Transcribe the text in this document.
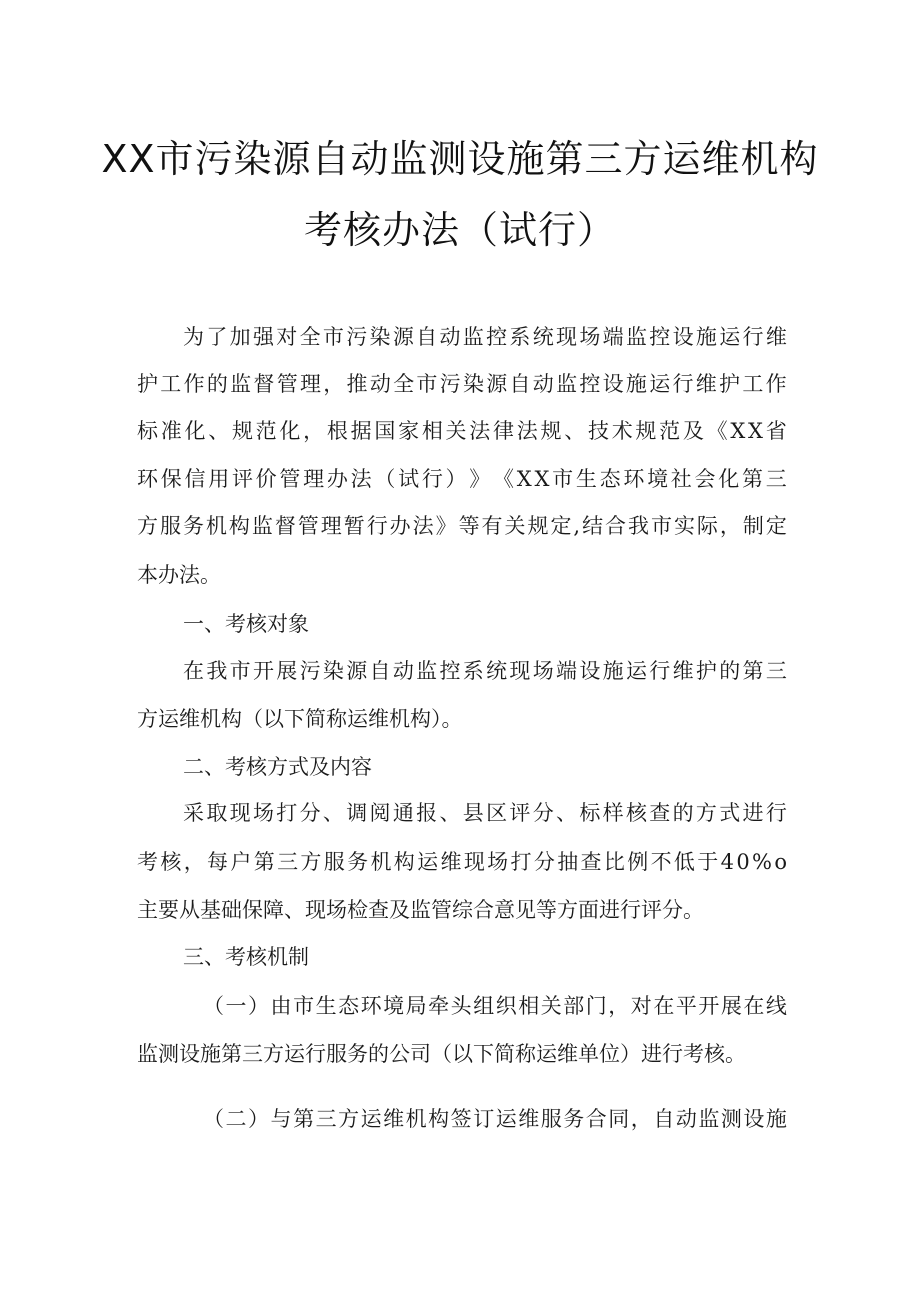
XX市污染源自动监测设施第三方运维机构
考核办法（试行）
为 了 加 强 对 全 市 污 染 源 自 动 监 控 系 统 现 场 端 监 控 设 施 运 行 维
护 工 作 的 监 督 管 理 ， 推 动 全 市 污 染 源 自 动 监 控 设 施 运 行 维 护 工 作
标 准 化 、 规 范 化 ， 根 据 国 家 相 关 法 律 法 规 、 技 术 规 范 及 《 X X 省
环 保 信 用 评 价 管 理 办 法 （ 试 行 ） 》 《 X X 市 生 态 环 境 社 会 化 第 三
方 服 务 机 构 监 督 管 理 暂 行 办 法 》 等 有 关 规 定 , 结 合 我 市 实 际 ， 制 定
本办法。
一、考核对象
在 我 市 开 展 污 染 源 自 动 监 控 系 统 现 场 端 设 施 运 行 维 护 的 第 三
方运维机构（以下简称运维机构）。
二、考核方式及内容
采 取 现 场 打 分 、 调 阅 通 报 、 县 区 评 分 、 标 样 核 查 的 方 式 进 行
考 核 ， 每 户 第 三 方 服 务 机 构 运 维 现 场 打 分 抽 查 比 例 不 低 于 4 0 % o
主要从基础保障、现场检查及监管综合意见等方面进行评分。
三、考核机制
（ 一 ） 由 市 生 态 环 境 局 牵 头 组 织 相 关 部 门 ， 对 在 平 开 展 在 线
监测设施第三方运行服务的公司（以下简称运维单位）进行考核。
（ 二 ） 与 第 三 方 运 维 机 构 签 订 运 维 服 务 合 同 ， 自 动 监 测 设 施
